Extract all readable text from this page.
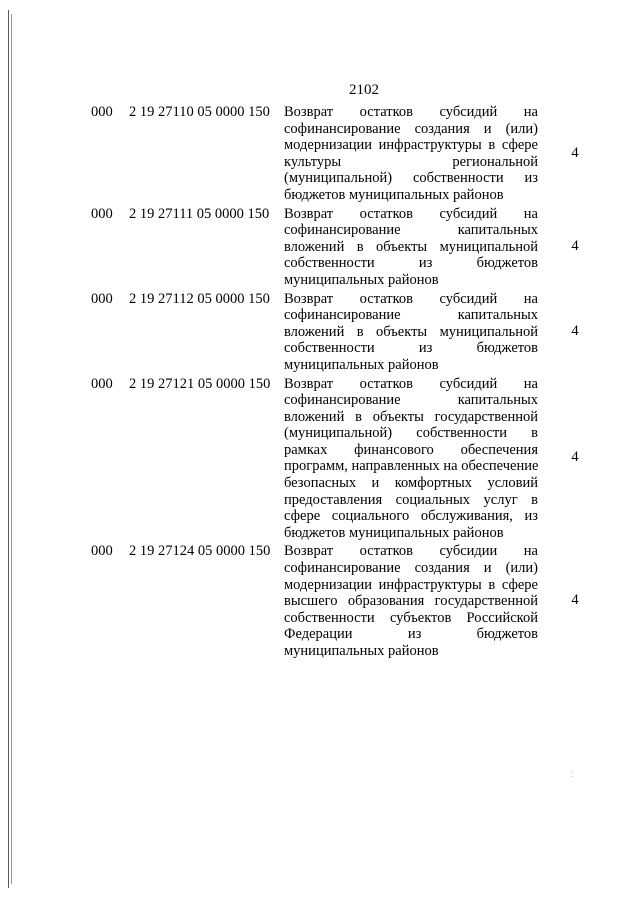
2102
000 2 19 27110 05 0000 150 Возврат остатков субсидий на
софинансирование создания и (или)
модернизации инфраструктуры в сфере
культуры региональной
(муниципальной) собственности из
бюджетов муниципальных районов
4
000 2 19 27111 05 0000 150 Возврат остатков субсидий на
софинансирование капитальных
вложений в объекты муниципальной
собственности из бюджетов
муниципальных районов
4
000 2 19 27112 05 0000 150 Возврат остатков субсидий на
софинансирование капитальных
вложений в объекты муниципальной
собственности из бюджетов
муниципальных районов
4
000 2 19 27121 05 0000 150 Возврат остатков субсидий на
софинансирование капитальных
вложений в объекты государственной
(муниципальной) собственности в
рамках финансового обеспечения
программ, направленных на обеспечение
безопасных и комфортных условий
предоставления социальных услуг в
сфере социального обслуживания, из
бюджетов муниципальных районов
4
000 2 19 27124 05 0000 150 Возврат остатков субсидии на
софинансирование создания и (или)
модернизации инфраструктуры в сфере
высшего образования государственной
собственности субъектов Российской
Федерации из бюджетов
муниципальных районов
4
